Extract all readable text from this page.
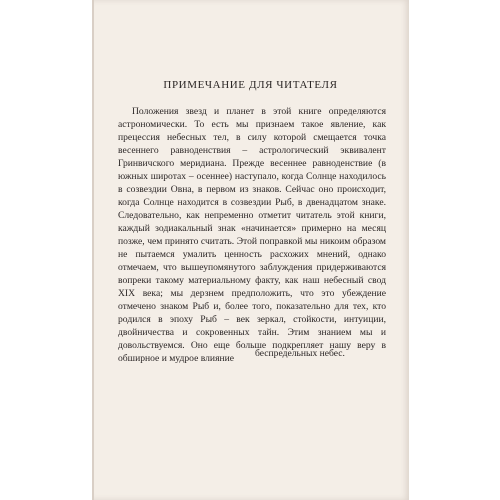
ПРИМЕЧАНИЕ ДЛЯ ЧИТАТЕЛЯ

Положения звезд и планет в этой книге определяются астрономически. То есть мы признаем такое явление, как прецессия небесных тел, в силу которой смещается точка весеннего равноденствия – астрологический эквивалент Гринвичского меридиана. Прежде весеннее равноденствие (в южных широтах – осеннее) наступало, когда Солнце находилось в созвездии Овна, в первом из знаков. Сейчас оно происходит, когда Солнце находится в созвездии Рыб, в двенадцатом знаке. Следовательно, как непременно отметит читатель этой книги, каждый зодиакальный знак «начинается» примерно на месяц позже, чем принято считать. Этой поправкой мы никоим образом не пытаемся умалить ценность расхожих мнений, однако отмечаем, что вышеупомянутого заблуждения придерживаются вопреки такому материальному факту, как наш небесный свод XIX века; мы дерзнем предположить, что это убеждение отмечено знаком Рыб и, более того, показательно для тех, кто родился в эпоху Рыб – век зеркал, стойкости, интуиции, двойничества и сокровенных тайн. Этим знанием мы и довольствуемся. Оно еще больше подкрепляет нашу веру в обширное и мудрое влияние	беспредельных небес.
